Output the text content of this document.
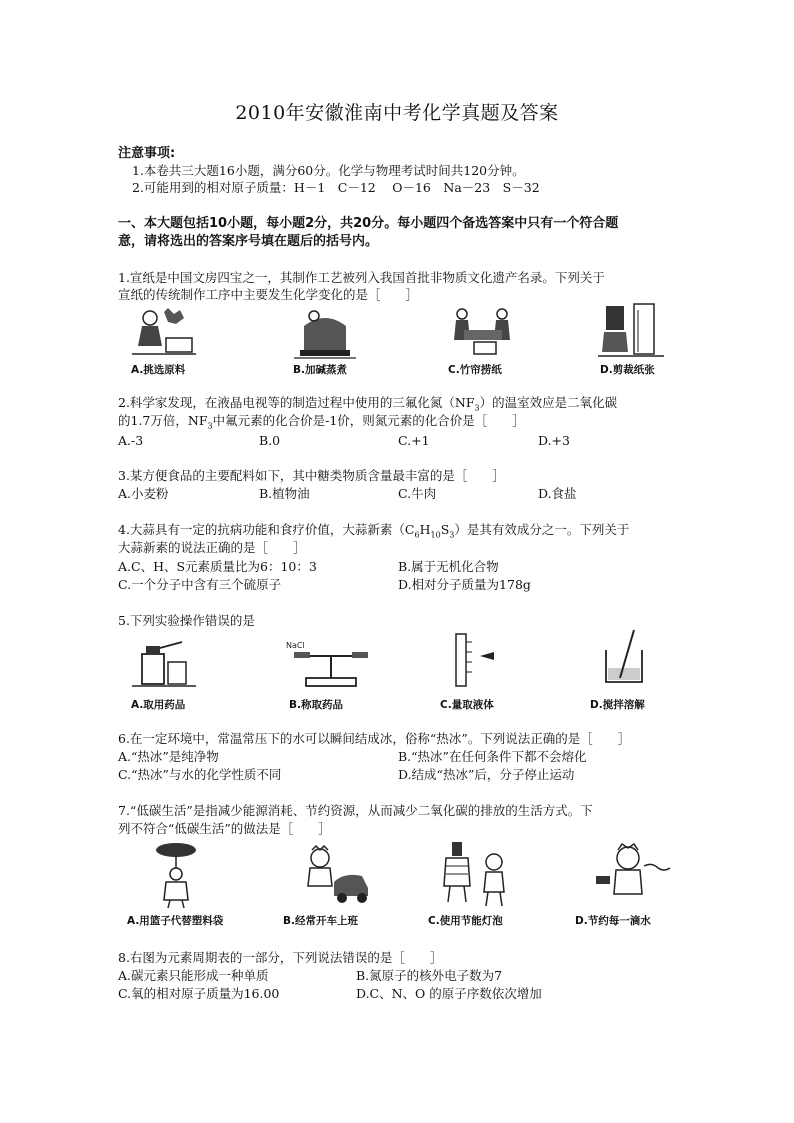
2010年安徽淮南中考化学真题及答案
注意事项:
1.本卷共三大题16小题，满分60分。化学与物理考试时间共120分钟。
2.可能用到的相对原子质量：H－1　C－12　 O－16　Na－23　S－32
一、本大题包括10小题，每小题2分，共20分。每小题四个备选答案中只有一个符合题
意，请将选出的答案序号填在题后的括号内。
1.宣纸是中国文房四宝之一，其制作工艺被列入我国首批非物质文化遗产名录。下列关于
宣纸的传统制作工序中主要发生化学变化的是［　　］
A.挑选原料	B.加碱蒸煮	C.竹帘捞纸	D.剪裁纸张
2.科学家发现，在液晶电视等的制造过程中使用的三氟化氮$(NF_3)$的温室效应是二氧化碳
的1.7万倍，$NF_3$中氟元素的化合价是-1价，则氮元素的化合价是［　　］
A.-3	B.0	C.+1	D.+3
3.某方便食品的主要配料如下，其中糖类物质含量最丰富的是［　　］
A.小麦粉	B.植物油	C.牛肉	D.食盐
4.大蒜具有一定的抗病功能和食疗价值，大蒜新素$(C_6H_{10}S_3)$是其有效成分之一。下列关于
大蒜新素的说法正确的是［　　］
A.C、H、S元素质量比为6：10：3	B.属于无机化合物
C.一个分子中含有三个硫原子	D.相对分子质量为178g
5.下列实验操作错误的是
A.取用药品
NaCl
B.称取药品	C.量取液体	D.搅拌溶解
6.在一定环境中，常温常压下的水可以瞬间结成冰，俗称“热冰”。下列说法正确的是［　　］
A.“热冰”是纯净物	B.“热冰”在任何条件下都不会熔化
C.“热冰”与水的化学性质不同	D.结成“热冰”后，分子停止运动
7.“低碳生活”是指减少能源消耗、节约资源，从而减少二氧化碳的排放的生活方式。下
列不符合“低碳生活”的做法是［　　］
A.用篮子代替塑料袋	B.经常开车上班	C.使用节能灯泡	D.节约每一滴水
8.右图为元素周期表的一部分，下列说法错误的是［　　］
A.碳元素只能形成一种单质	B.氮原子的核外电子数为7
C.氧的相对原子质量为16.00	D.C、N、O 的原子序数依次增加
